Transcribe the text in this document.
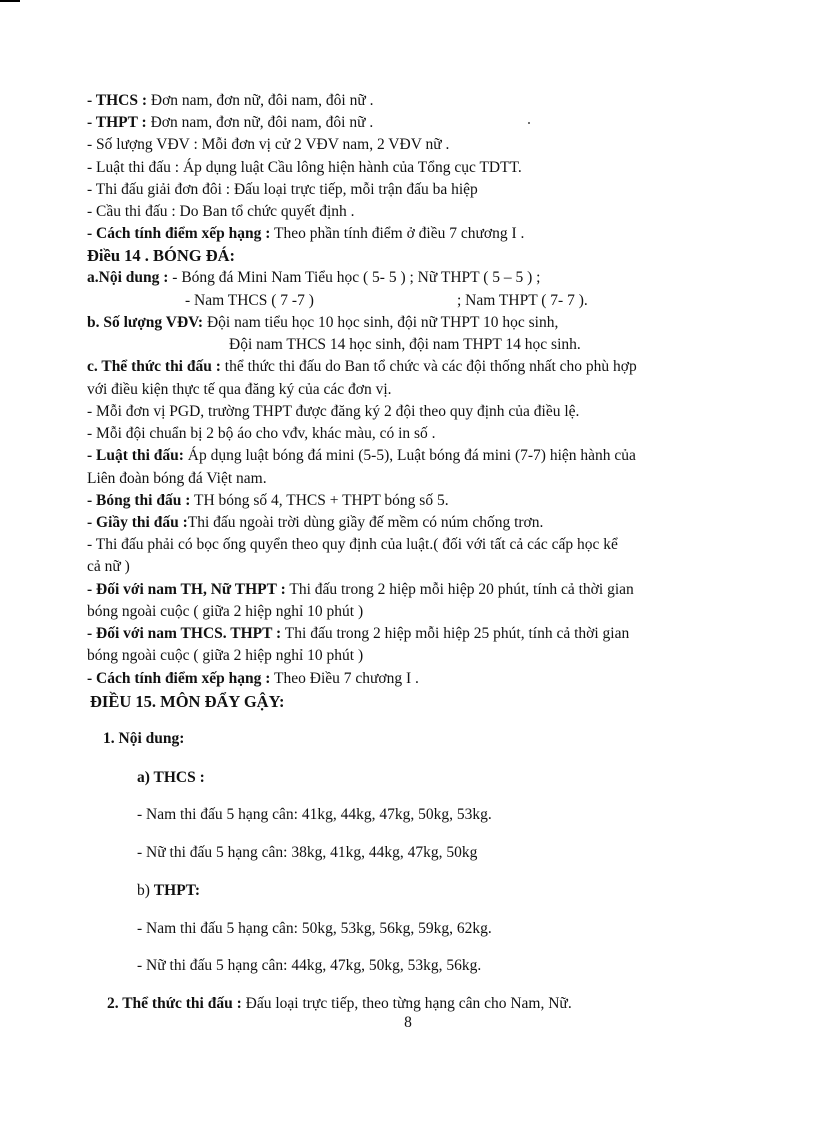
- THCS : Đơn nam, đơn nữ, đôi nam, đôi nữ .
- THPT : Đơn nam, đơn nữ, đôi nam, đôi nữ .
- Số lượng VĐV : Mỗi đơn vị cử 2 VĐV nam, 2 VĐV nữ .
- Luật thi đấu : Áp dụng luật Cầu lông hiện hành của Tổng cục TDTT.
- Thi đấu giải đơn đôi : Đấu loại trực tiếp, mỗi trận đấu ba hiệp
- Cầu thi đấu : Do Ban tổ chức quyết định .
- Cách tính điểm xếp hạng : Theo phần tính điểm ở điều 7 chương I .
Điều 14 . BÓNG ĐÁ:
a.Nội dung : - Bóng đá Mini Nam Tiểu học ( 5- 5 ) ; Nữ THPT ( 5 – 5 ) ;
- Nam THCS ( 7 -7 )	; Nam THPT ( 7- 7 ).
b. Số lượng VĐV: Đội nam tiểu học 10 học sinh, đội nữ THPT 10 học sinh,
Đội nam THCS 14 học sinh, đội nam THPT 14 học sinh.
c. Thể thức thi đấu : thể thức thi đấu do Ban tổ chức và các đội thống nhất cho phù hợp
với điều kiện thực tế qua đăng ký của các đơn vị.
- Mỗi đơn vị PGD, trường THPT được đăng ký 2 đội theo quy định của điều lệ.
- Mỗi đội chuẩn bị 2 bộ áo cho vđv, khác màu, có in số .
- Luật thi đấu: Áp dụng luật bóng đá mini (5-5), Luật bóng đá mini (7-7) hiện hành của
Liên đoàn bóng đá Việt nam.
- Bóng thi đấu : TH bóng số 4, THCS + THPT bóng số 5.
- Giầy thi đấu :Thi đấu ngoài trời dùng giầy đế mềm có núm chống trơn.
- Thi đấu phải có bọc ống quyển theo quy định của luật.( đối với tất cả các cấp học kể
cả nữ )
- Đối với nam TH, Nữ THPT : Thi đấu trong 2 hiệp mỗi hiệp 20 phút, tính cả thời gian
bóng ngoài cuộc ( giữa 2 hiệp nghỉ 10 phút )
- Đối với nam THCS. THPT : Thi đấu trong 2 hiệp mỗi hiệp 25 phút, tính cả thời gian
bóng ngoài cuộc ( giữa 2 hiệp nghỉ 10 phút )
- Cách tính điểm xếp hạng : Theo Điều 7 chương I .
ĐIỀU 15. MÔN ĐẨY GẬY:
1. Nội dung:
a) THCS :
- Nam thi đấu 5 hạng cân: 41kg, 44kg, 47kg, 50kg, 53kg.
- Nữ thi đấu 5 hạng cân: 38kg, 41kg, 44kg, 47kg, 50kg
b) THPT:
- Nam thi đấu 5 hạng cân: 50kg, 53kg, 56kg, 59kg, 62kg.
- Nữ thi đấu 5 hạng cân: 44kg, 47kg, 50kg, 53kg, 56kg.
2. Thể thức thi đấu : Đấu loại trực tiếp, theo từng hạng cân cho Nam, Nữ.
8
